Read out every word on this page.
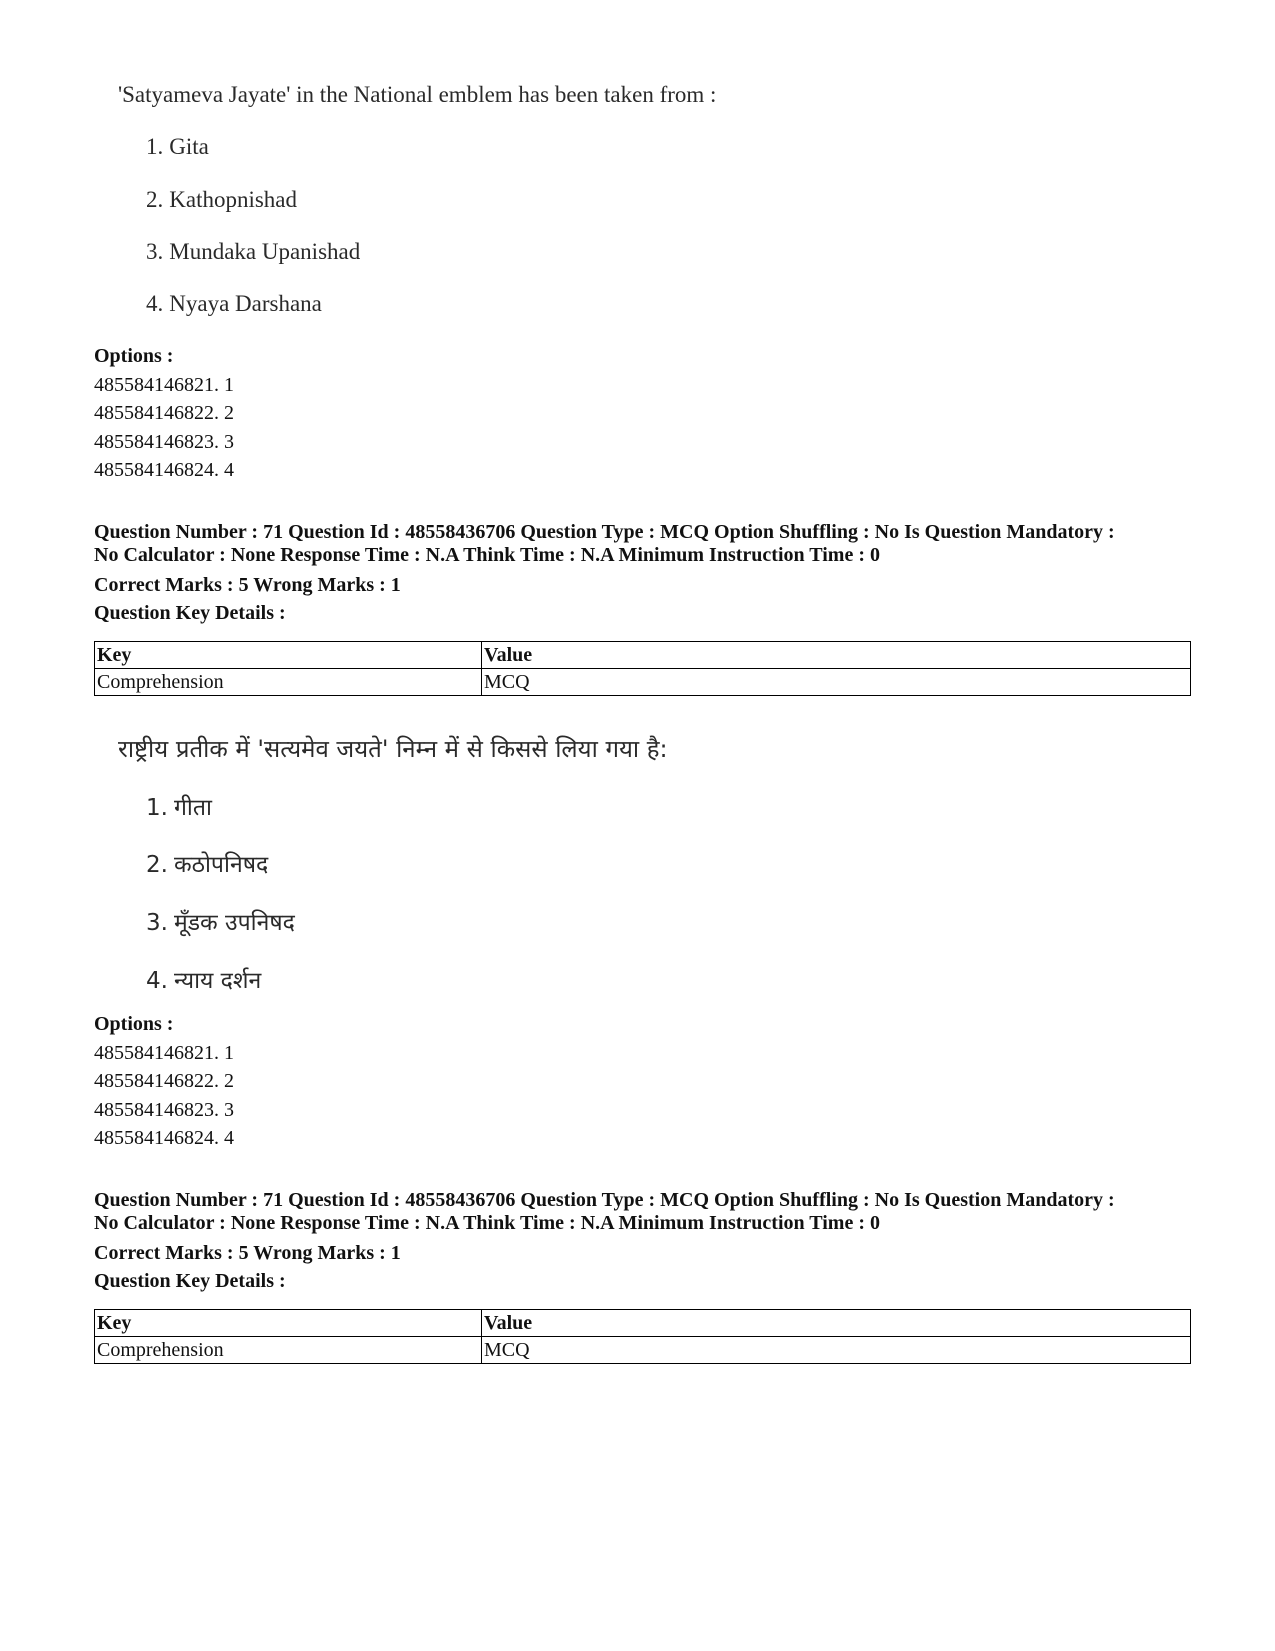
'Satyameva Jayate' in the National emblem has been taken from :
1. Gita
2. Kathopnishad
3. Mundaka Upanishad
4. Nyaya Darshana
Options :
485584146821. 1
485584146822. 2
485584146823. 3
485584146824. 4
Question Number : 71 Question Id : 48558436706 Question Type : MCQ Option Shuffling : No Is Question Mandatory :
No Calculator : None Response Time : N.A Think Time : N.A Minimum Instruction Time : 0
Correct Marks : 5 Wrong Marks : 1
Question Key Details :
Key	Value
Comprehension	MCQ
राष्ट्रीय प्रतीक में 'सत्यमेव जयते' निम्न में से किससे लिया गया है:
1. गीता
2. कठोपनिषद
3. मूँडक उपनिषद
4. न्याय दर्शन
Options :
485584146821. 1
485584146822. 2
485584146823. 3
485584146824. 4
Question Number : 71 Question Id : 48558436706 Question Type : MCQ Option Shuffling : No Is Question Mandatory :
No Calculator : None Response Time : N.A Think Time : N.A Minimum Instruction Time : 0
Correct Marks : 5 Wrong Marks : 1
Question Key Details :
Key	Value
Comprehension	MCQ
